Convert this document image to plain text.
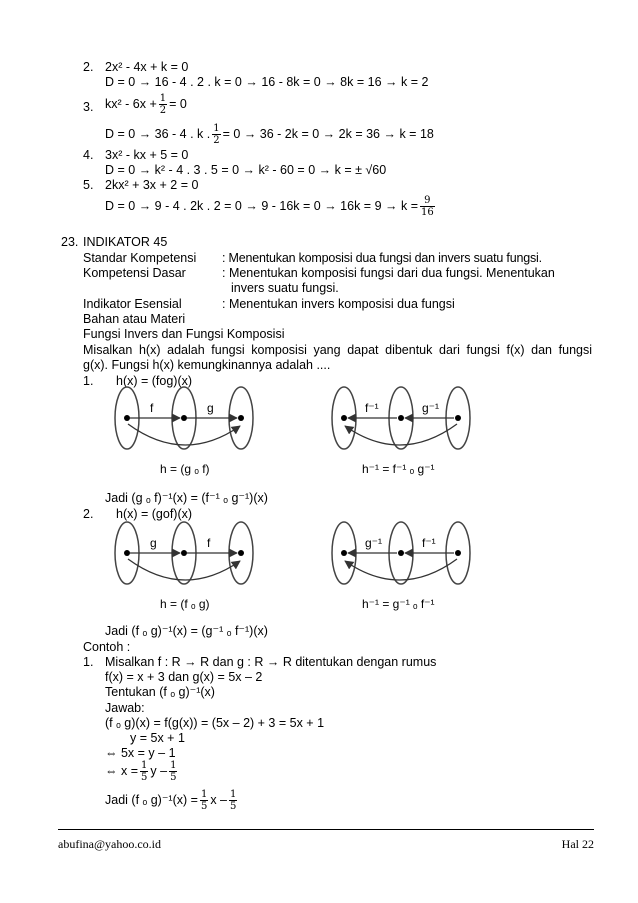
2. 2x² - 4x + k = 0
D = 0 → 16 - 4 . 2 . k = 0 → 16 - 8k = 0 → 8k = 16 → k = 2
3. $kx^2 - 6x + \frac{1}{2} = 0$
D = 0 → 36 - 4 . k . $\frac{1}{2} = 0 \to 36 - 2k = 0 \to 2k = 36 \to k = 18$
4. 3x² - kx + 5 = 0
D = 0 → k² - 4 . 3 . 5 = 0 → k² - 60 = 0 → k = ± √60
5. 2kx² + 3x + 2 = 0
D = 0 → 9 - 4 . 2k . $2 = 0 \to 9 - 16k = 0 \to 16k = 9 \to k = \frac{9}{16}$
23. INDIKATOR 45
Standar Kompetensi : Menentukan komposisi dua fungsi dan invers suatu fungsi.
Kompetensi Dasar	: Menentukan komposisi fungsi dari dua fungsi. Menentukan
invers suatu fungsi.
Indikator Esensial	: Menentukan invers komposisi dua fungsi
Bahan atau Materi
Fungsi Invers dan Fungsi Komposisi
Misalkan h(x) adalah fungsi komposisi yang dapat dibentuk dari fungsi f(x) dan fungsi
g(x). Fungsi h(x) kemungkinannya adalah ....
1. h(x) = (fog)(x)
f	g
h = (g ₒ f)
f⁻¹	g⁻¹
h⁻¹ = f⁻¹ ₒ g⁻¹
Jadi (g ₒ f)⁻¹(x) = (f⁻¹ ₒ g⁻¹)(x)
2. h(x) = (gof)(x)
g	f
h = (f ₒ g)
g⁻¹	f⁻¹
h⁻¹ = g⁻¹ ₒ f⁻¹
Jadi (f ₒ g)⁻¹(x) = (g⁻¹ ₒ f⁻¹)(x)
Contoh :
1. Misalkan f : R → R dan g : R → R ditentukan dengan rumus
f(x) = x + 3 dan g(x) = 5x – 2
Tentukan (f ₒ g)⁻¹(x)
Jawab:
(f ₒ g)(x) = f(g(x)) = (5x – 2) + 3 = 5x + 1
y = 5x + 1
⇔ 5x = y – 1
⇔ $x = \frac{1}{5}$ y – $\frac{1}{5}$
Jadi (f ₒ $g)^{-1}(x) = \frac{1}{5}$ x – $\frac{1}{5}$
abufina@yahoo.co.id	Hal 22
